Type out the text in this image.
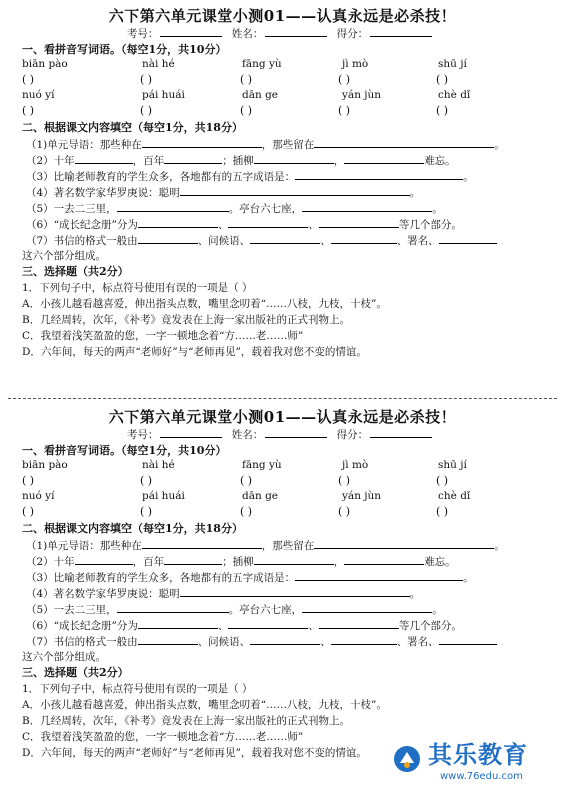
六下第六单元课堂小测01——认真永远是必杀技！
考号：	姓名：	得分：
一、看拼音写词语。（每空1分，共10分）
biān pào	nài hé	fāng yù	jì mò	shū jí
( )	( )	( )	( )	( )
nuó yí	pái huái	dān ge	yán jùn	chè dǐ
( )	( )	( )	( )	( )
二、根据课文内容填空（每空1分，共18分）
（1)单元导语：那些种在	，那些留在	。
（2）十年	，百年	；插柳	，	难忘。
（3）比喻老师教育的学生众多，各地都有的五字成语是：	。
（4）著名数学家华罗庚说：聪明	。
（5）一去二三里，	。亭台六七座，	。
（6）“成长纪念册”分为	、	、	等几个部分。
（7）书信的格式一般由	、问候语、	、	、署名、
这六个部分组成。
三、选择题（共2分）
1．下列句子中，标点符号使用有误的一项是（ ）
A．小孩儿越看越喜爱，伸出指头点数，嘴里念叨着“……八枝，九枝，十枝”。
B．几经周转，次年，《补考》竟发表在上海一家出版社的正式刊物上。
C．我望着浅笑盈盈的您，一字一顿地念着“方……老……师”
D．六年间，每天的两声“老师好”与“老师再见”，载着我对您不变的情谊。
六下第六单元课堂小测01——认真永远是必杀技！
考号：	姓名：	得分：
一、看拼音写词语。（每空1分，共10分）
biān pào	nài hé	fāng yù	jì mò	shū jí
( )	( )	( )	( )	( )
nuó yí	pái huái	dān ge	yán jùn	chè dǐ
( )	( )	( )	( )	( )
二、根据课文内容填空（每空1分，共18分）
（1)单元导语：那些种在	，那些留在	。
（2）十年	，百年	；插柳	，	难忘。
（3）比喻老师教育的学生众多，各地都有的五字成语是：	。
（4）著名数学家华罗庚说：聪明	。
（5）一去二三里，	。亭台六七座，	。
（6）“成长纪念册”分为	、	、	等几个部分。
（7）书信的格式一般由	、问候语、	、	、署名、
这六个部分组成。
三、选择题（共2分）
1．下列句子中，标点符号使用有误的一项是（ ）
A．小孩儿越看越喜爱，伸出指头点数，嘴里念叨着“……八枝，九枝，十枝”。
B．几经周转，次年，《补考》竟发表在上海一家出版社的正式刊物上。
C．我望着浅笑盈盈的您，一字一顿地念着“方……老……师”
D．六年间，每天的两声“老师好”与“老师再见”，载着我对您不变的情谊。	其乐教育
www.76edu.com
